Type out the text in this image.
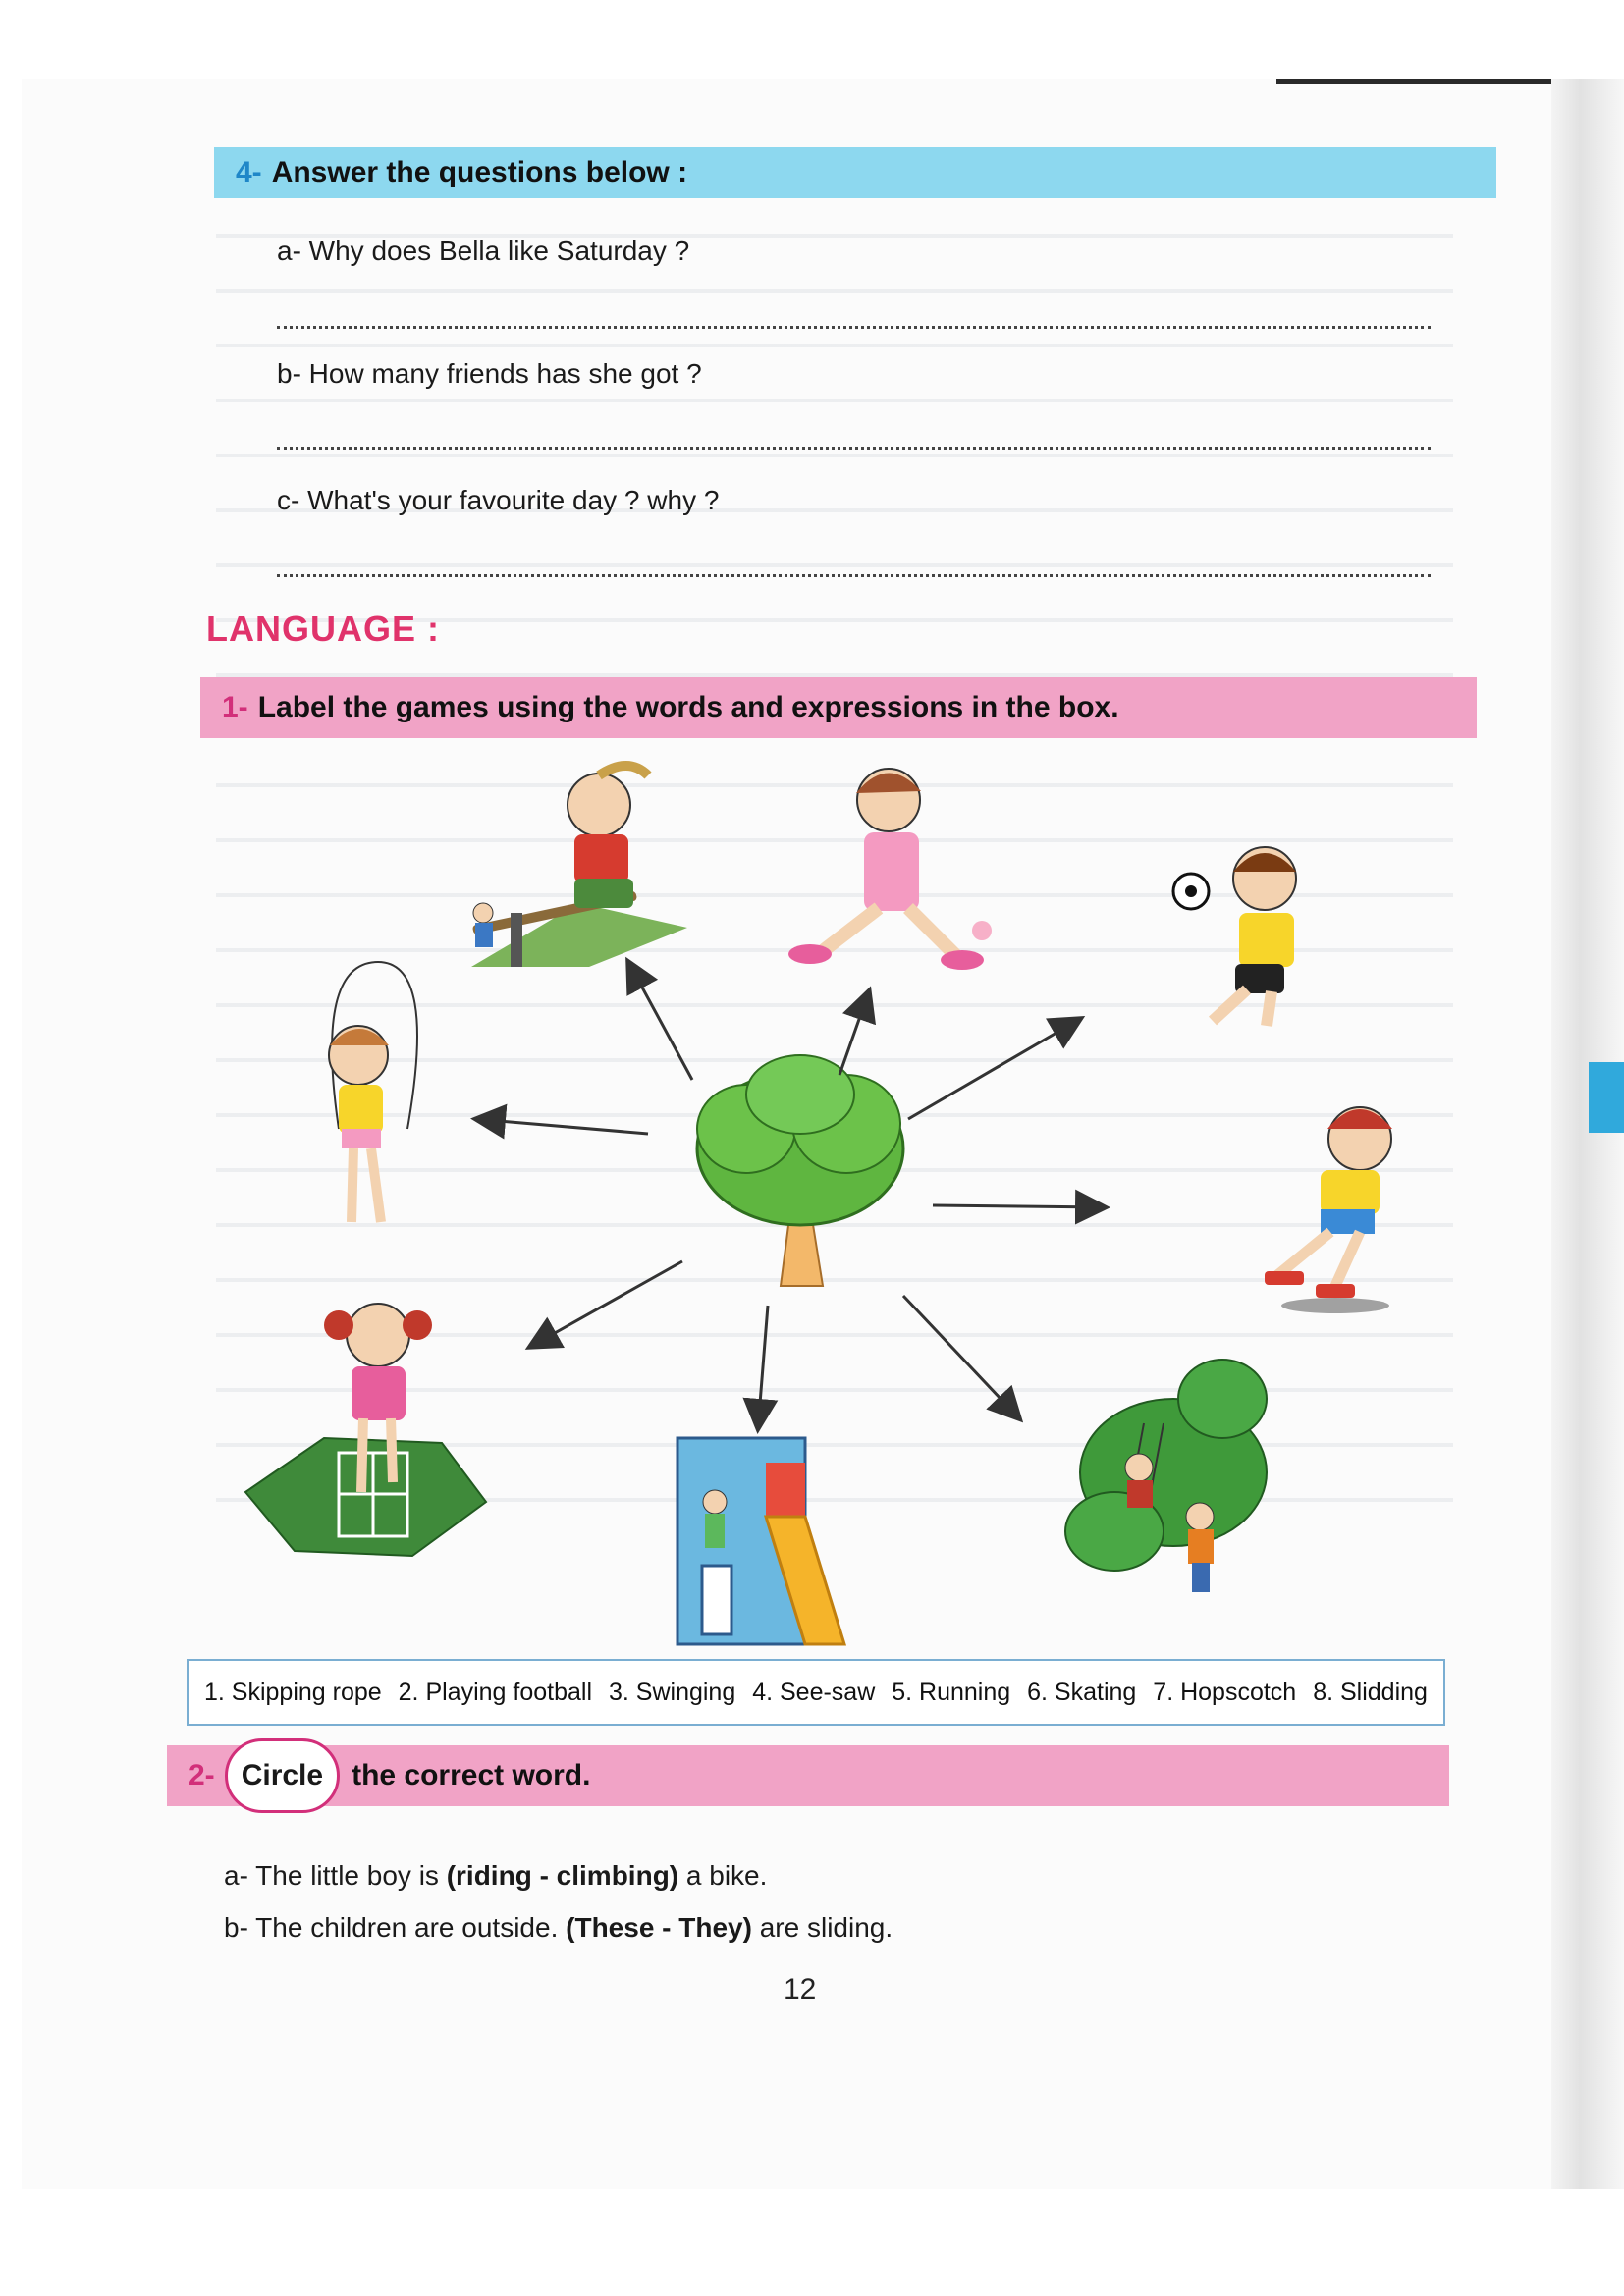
4- Answer the questions below :
a- Why does Bella like Saturday ?
b- How many friends has she got ?
c- What's your favourite day ? why ?
LANGUAGE :
1- Label the games using the words and expressions in the box.
1. Skipping rope 2. Playing football 3. Swinging 4. See-saw 5. Running 6. Skating 7. Hopscotch 8. Slidding
2- Circle the correct word.
a- The little boy is (riding - climbing) a bike.
b- The children are outside. (These - They) are sliding.
12
